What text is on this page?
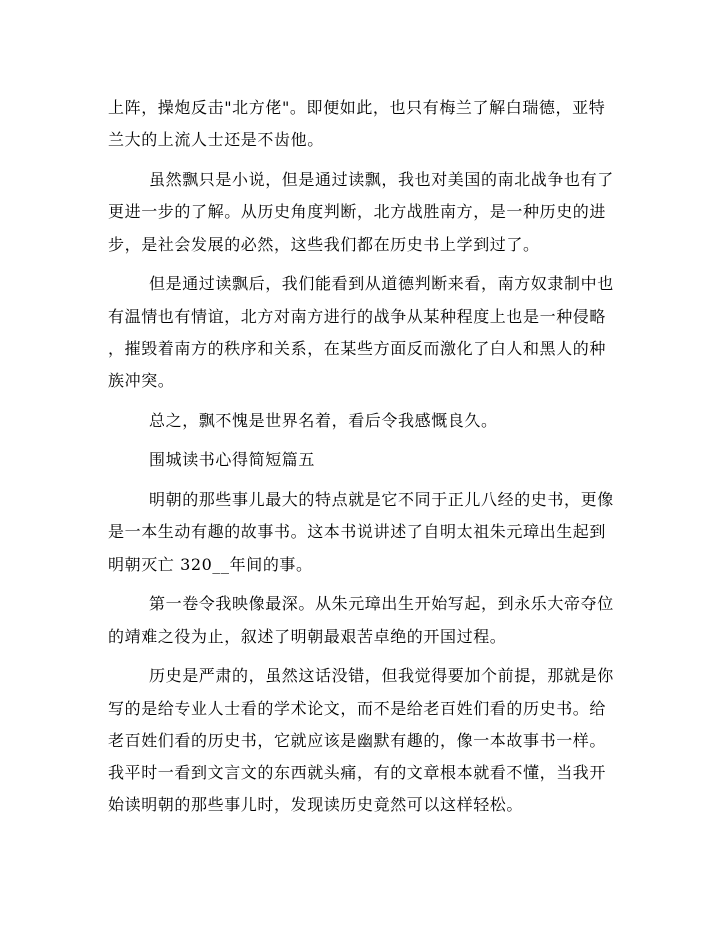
上阵，操炮反击"北方佬"。即便如此，也只有梅兰了解白瑞德，亚特
兰大的上流人士还是不齿他。
虽然飘只是小说，但是通过读飘，我也对美国的南北战争也有了
更进一步的了解。从历史角度判断，北方战胜南方，是一种历史的进
步，是社会发展的必然，这些我们都在历史书上学到过了。
但是通过读飘后，我们能看到从道德判断来看，南方奴隶制中也
有温情也有情谊，北方对南方进行的战争从某种程度上也是一种侵略
，摧毁着南方的秩序和关系，在某些方面反而激化了白人和黑人的种
族冲突。
总之，飘不愧是世界名着，看后令我感慨良久。
围城读书心得简短篇五
明朝的那些事儿最大的特点就是它不同于正儿八经的史书，更像
是一本生动有趣的故事书。这本书说讲述了自明太祖朱元璋出生起到
明朝灭亡 320__年间的事。
第一卷令我映像最深。从朱元璋出生开始写起，到永乐大帝夺位
的靖难之役为止，叙述了明朝最艰苦卓绝的开国过程。
历史是严肃的，虽然这话没错，但我觉得要加个前提，那就是你
写的是给专业人士看的学术论文，而不是给老百姓们看的历史书。给
老百姓们看的历史书，它就应该是幽默有趣的，像一本故事书一样。
我平时一看到文言文的东西就头痛，有的文章根本就看不懂，当我开
始读明朝的那些事儿时，发现读历史竟然可以这样轻松。
